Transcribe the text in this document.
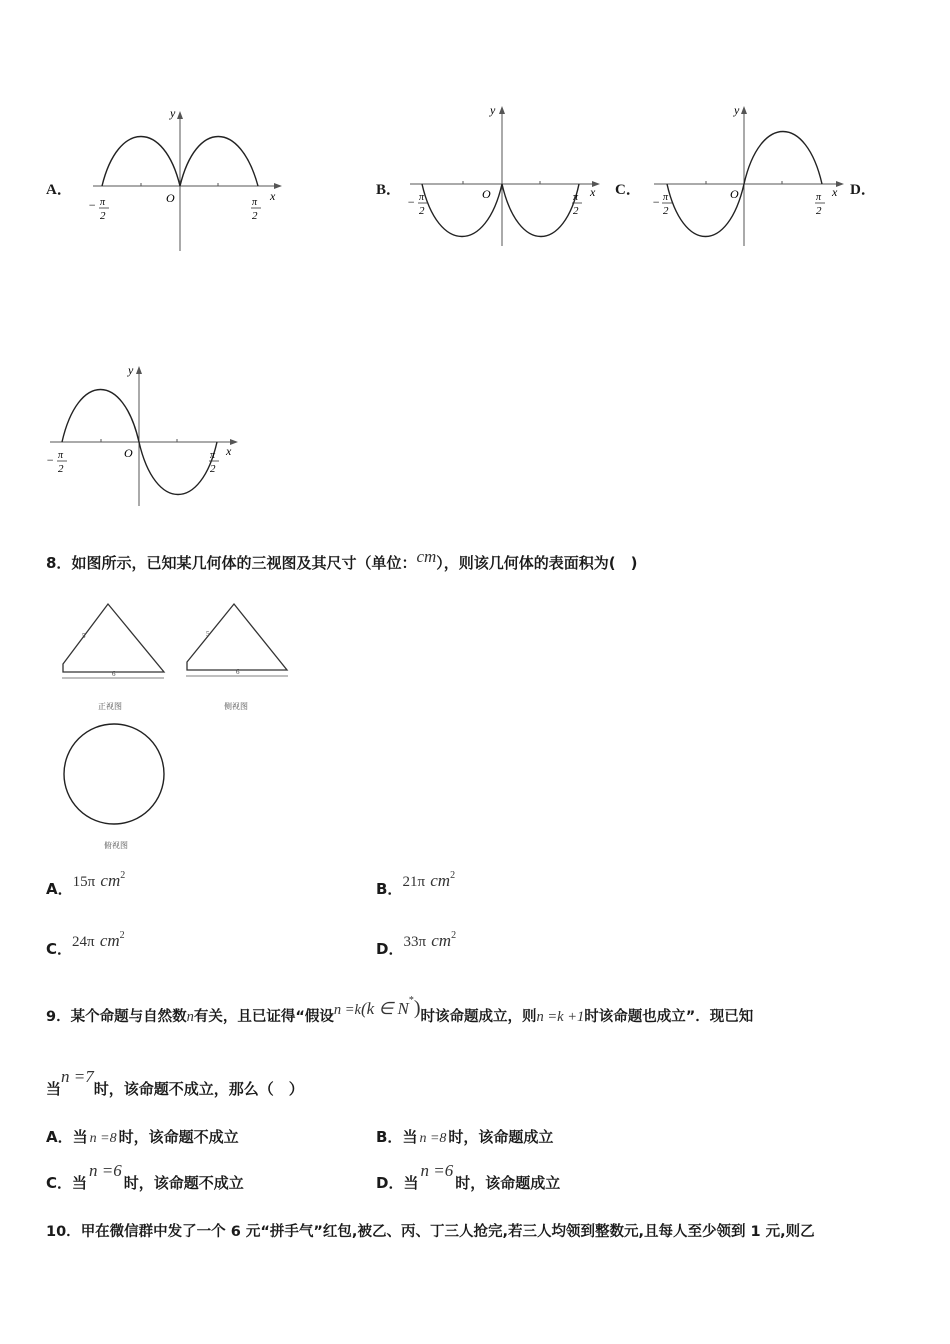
A．	B．	C．	D．
y
x
O
− π
2
π
2
y
x
O
− π
2
π
2
y
x
O
− π
2
π
2
y
x
O
− π
2
π
2
8．如图所示，已知某几何体的三视图及其尺寸（单位：cm），则该几何体的表面积为(　)
5
6
正视图
5
6
侧视图
俯视图
A．15π $cm^2$
B．21π $cm^2$
C．24π $cm^2$
D．33π $cm^2$
9．某个命题与自然数n有关，且已证得“假设n =k(k ∈ N*)时该命题成立，则n =k +1时该命题也成立”．现已知
当n =7时，该命题不成立，那么（　）
A．当 n =8 时，该命题不成立	B．当 n =8 时，该命题成立
C．当n =6时，该命题不成立	D．当n =6时，该命题成立
10．甲在微信群中发了一个 6 元“拼手气”红包,被乙、丙、丁三人抢完,若三人均领到整数元,且每人至少领到 1 元,则乙
